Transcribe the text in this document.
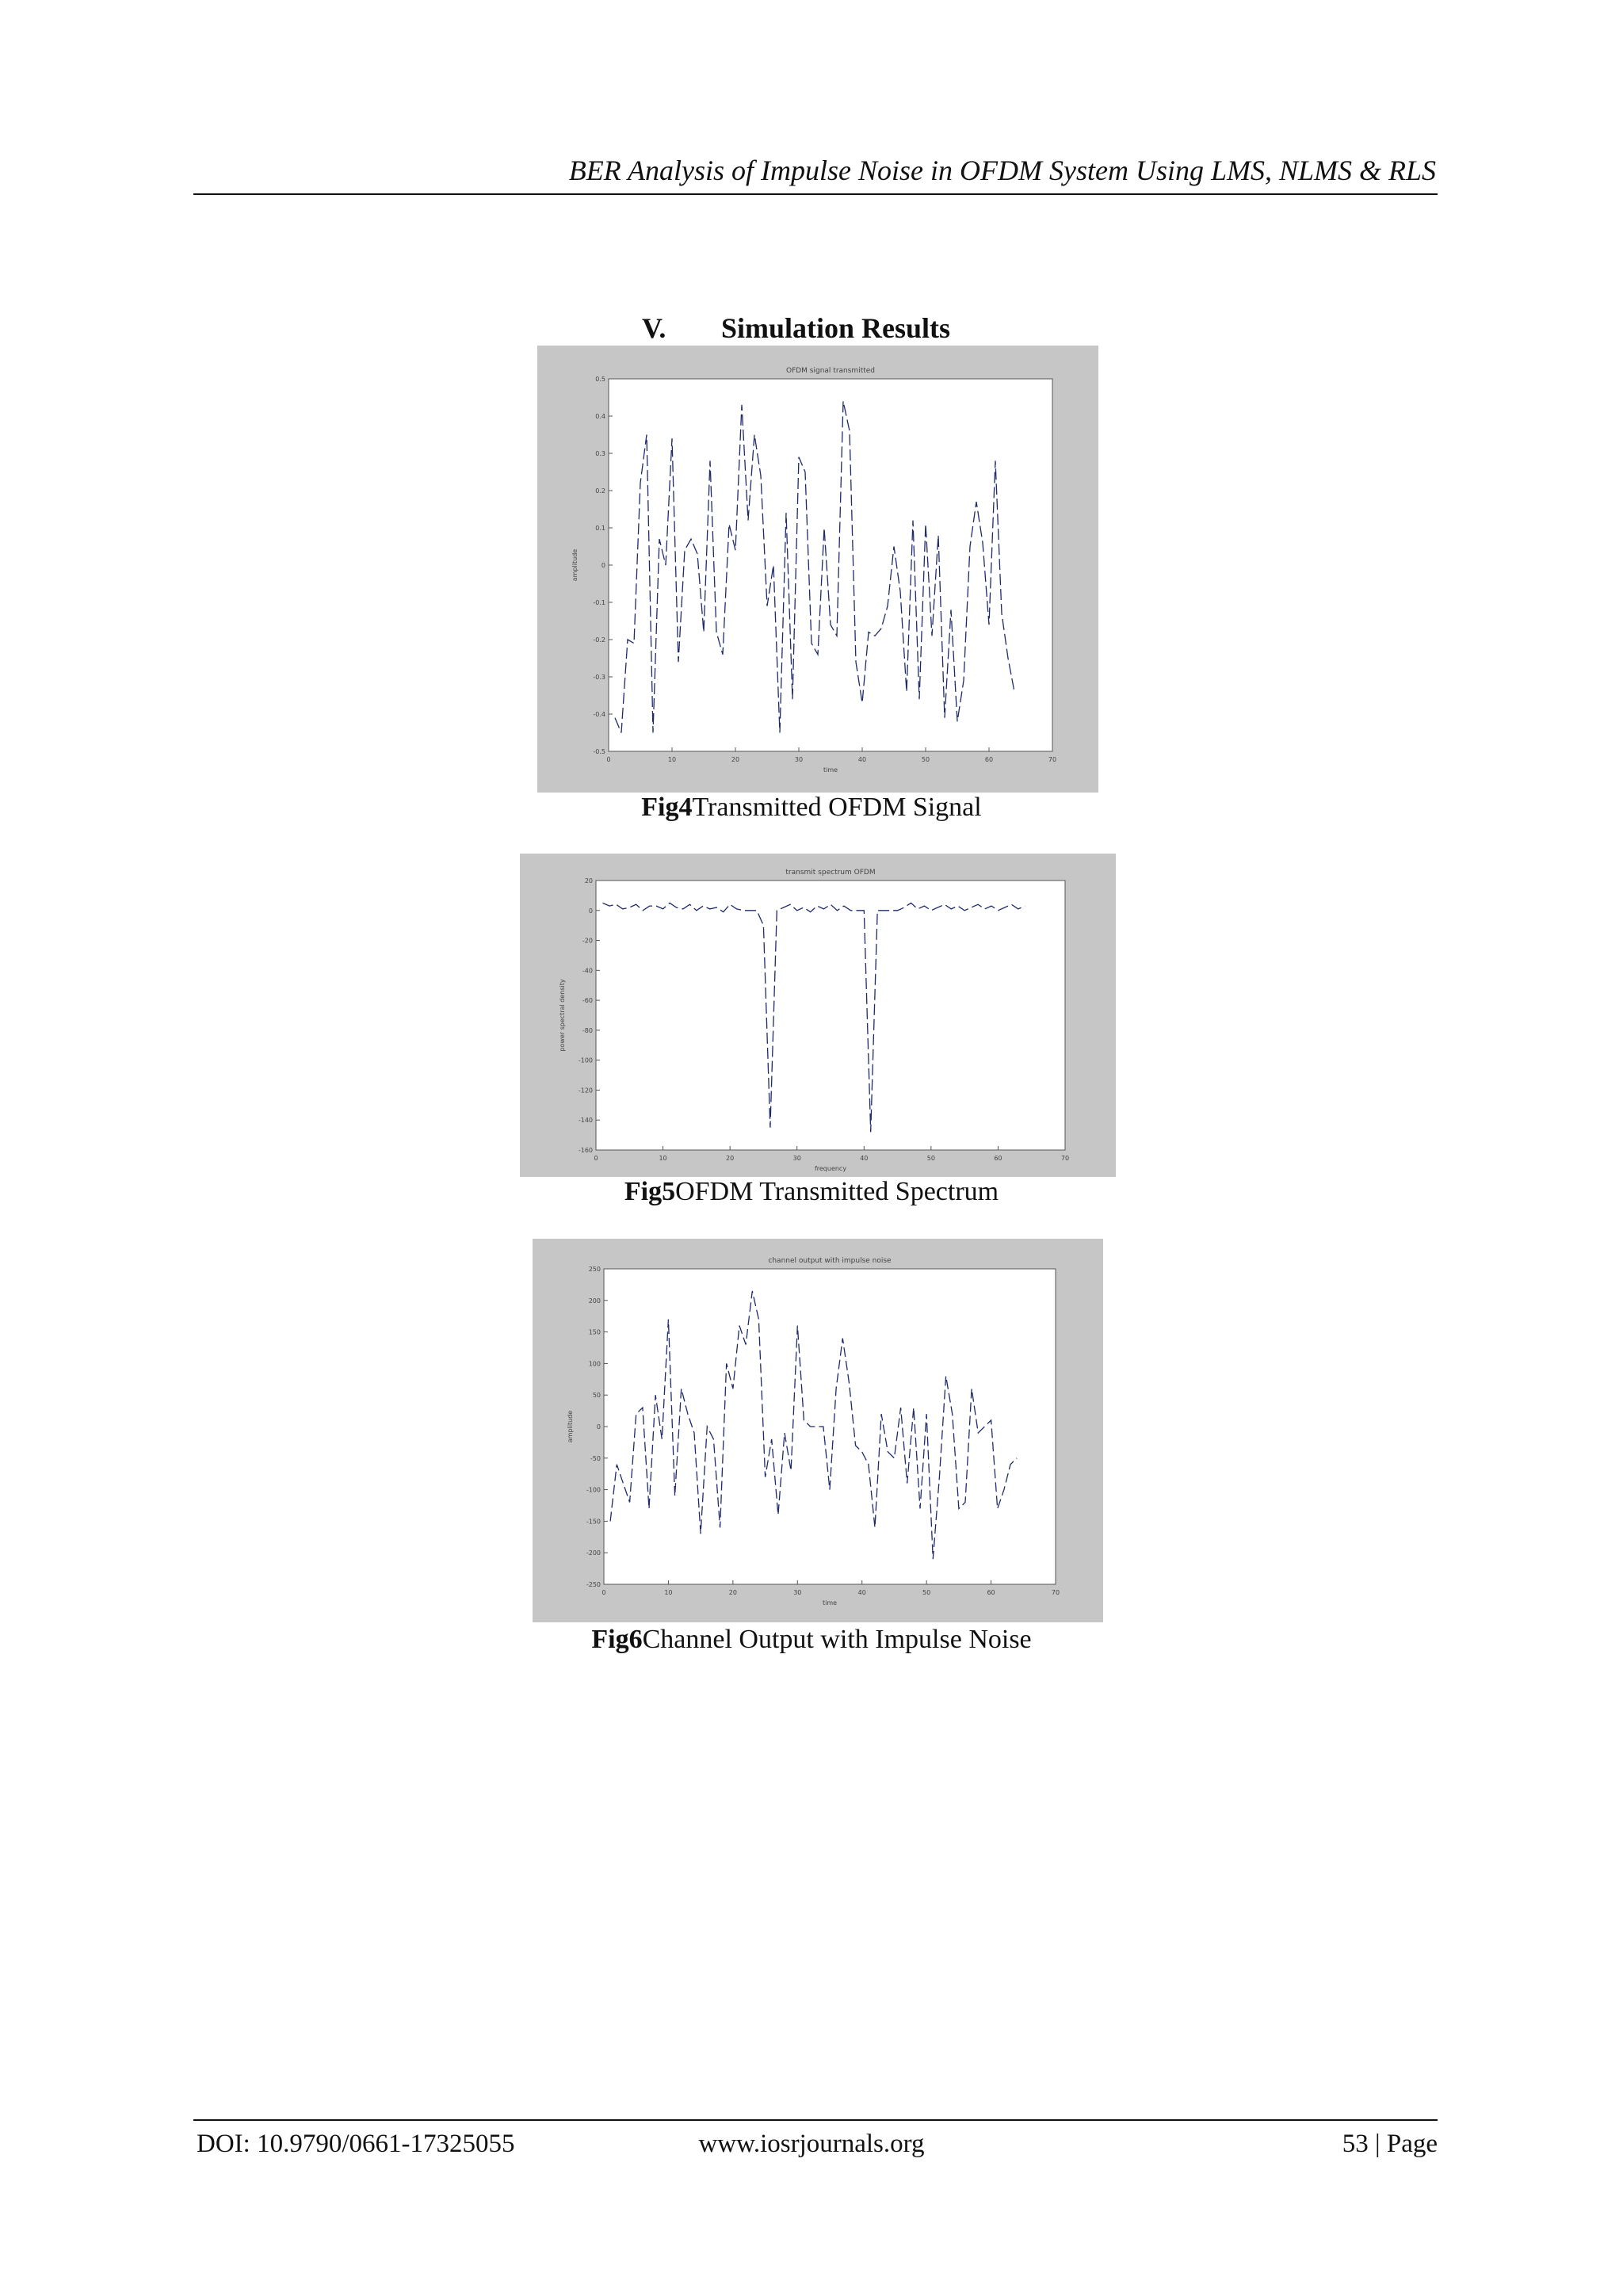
BER Analysis of Impulse Noise in OFDM System Using LMS, NLMS & RLS
V. Simulation Results
OFDM signal transmitted
0	10	20	30	40	50	60	70
-0.5
-0.4
-0.3
-0.2
-0.1
0
0.1
0.2
0.3
0.4
0.5
time
amplitude
Fig4Transmitted OFDM Signal
transmit spectrum OFDM
0	10	20	30	40	50	60	70
-160
-140
-120
-100
-80
-60
-40
-20
0
20
frequency
power spectral density
Fig5OFDM Transmitted Spectrum
channel output with impulse noise
0	10	20	30	40	50	60	70
-250
-200
-150
-100
-50
0
50
100
150
200
250
time
amplitude
Fig6Channel Output with Impulse Noise
DOI: 10.9790/0661-17325055	www.iosrjournals.org	53 | Page
